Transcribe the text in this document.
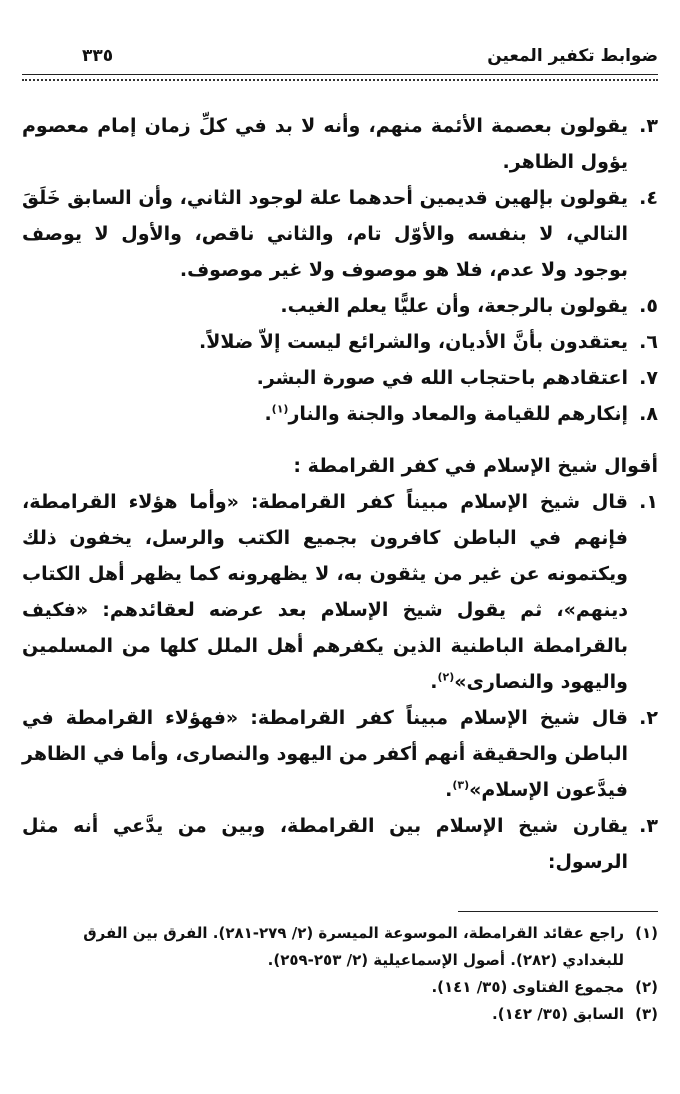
ضوابط تكفير المعين
٣٣٥
٣.
يقولون بعصمة الأئمة منهم، وأنه لا بد في كلِّ زمان إمام معصوم يؤول الظاهر.
٤.
يقولون بإلهين قديمين أحدهما علة لوجود الثاني، وأن السابق خَلَقَ التالي، لا بنفسه والأوّل تام، والثاني ناقص، والأول لا يوصف بوجود ولا عدم، فلا هو موصوف ولا غير موصوف.
٥.
يقولون بالرجعة، وأن عليًّا يعلم الغيب.
٦.
يعتقدون بأنَّ الأديان، والشرائع ليست إلاّ ضلالاً.
٧.
اعتقادهم باحتجاب الله في صورة البشر.
٨.
إنكارهم للقيامة والمعاد والجنة والنار$^{(١)}$.
أقوال شيخ الإسلام في كفر القرامطة :
١.
قال شيخ الإسلام مبيناً كفر القرامطة: «وأما هؤلاء القرامطة، فإنهم في الباطن كافرون بجميع الكتب والرسل، يخفون ذلك ويكتمونه عن غير من يثقون به، لا يظهرونه كما يظهر أهل الكتاب دينهم»، ثم يقول شيخ الإسلام بعد عرضه لعقائدهم: «فكيف بالقرامطة الباطنية الذين يكفرهم أهل الملل كلها من المسلمين واليهود والنصارى»$^{(٢)}$.
٢.
قال شيخ الإسلام مبيناً كفر القرامطة: «فهؤلاء القرامطة في الباطن والحقيقة أنهم أكفر من اليهود والنصارى، وأما في الظاهر فيدَّعون الإسلام»$^{(٣)}$.
٣.
يقارن شيخ الإسلام بين القرامطة، وبين من يدَّعي أنه مثل الرسول:
(١)
راجع عقائد القرامطة، الموسوعة الميسرة (٢/ ٢٧٩-٢٨١). الفرق بين الفرق للبغدادي (٢٨٢). أصول الإسماعيلية (٢/ ٢٥٣-٢٥٩).
(٢)
مجموع الفتاوى (٣٥/ ١٤١).
(٣)
السابق (٣٥/ ١٤٢).
